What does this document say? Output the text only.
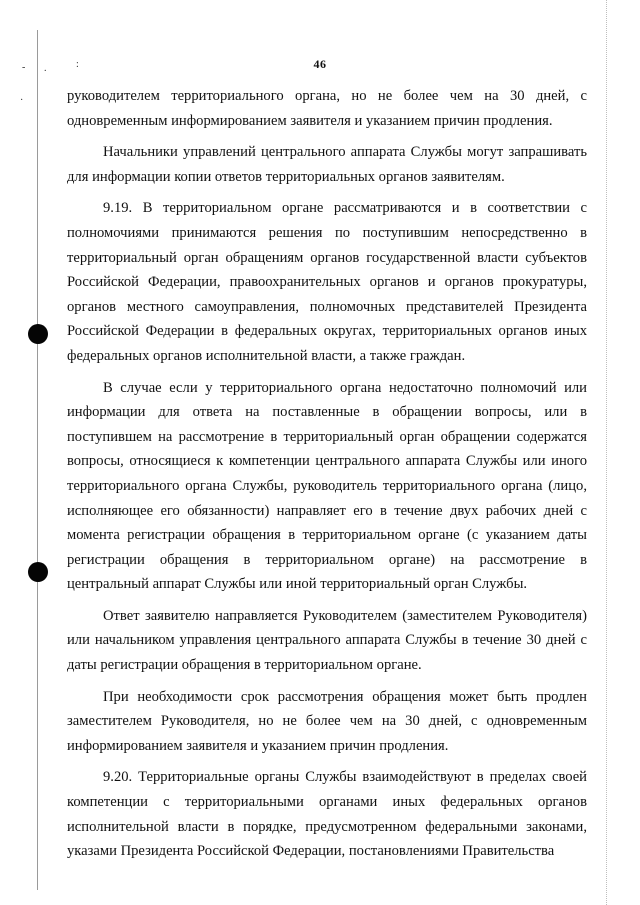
- .	:
·
46

руководителем территориального органа, но не более чем на 30 дней, с одновременным информированием заявителя и указанием причин продления.

Начальники управлений центрального аппарата Службы могут запрашивать для информации копии ответов территориальных органов заявителям.

9.19. В территориальном органе рассматриваются и в соответствии с полномочиями принимаются решения по поступившим непосредственно в территориальный орган обращениям органов государственной власти субъектов Российской Федерации, правоохранительных органов и органов прокуратуры, органов местного самоуправления, полномочных представителей Президента Российской Федерации в федеральных округах, территориальных органов иных федеральных органов исполнительной власти, а также граждан.

В случае если у территориального органа недостаточно полномочий или информации для ответа на поставленные в обращении вопросы, или в поступившем на рассмотрение в территориальный орган обращении содержатся вопросы, относящиеся к компетенции центрального аппарата Службы или иного территориального органа Службы, руководитель территориального органа (лицо, исполняющее его обязанности) направляет его в течение двух рабочих дней с момента регистрации обращения в территориальном органе (с указанием даты регистрации обращения в территориальном органе) на рассмотрение в центральный аппарат Службы или иной территориальный орган Службы.

Ответ заявителю направляется Руководителем (заместителем Руководителя) или начальником управления центрального аппарата Службы в течение 30 дней с даты регистрации обращения в территориальном органе.

При необходимости срок рассмотрения обращения может быть продлен заместителем Руководителя, но не более чем на 30 дней, с одновременным информированием заявителя и указанием причин продления.

9.20. Территориальные органы Службы взаимодействуют в пределах своей компетенции с территориальными органами иных федеральных органов исполнительной власти в порядке, предусмотренном федеральными законами, указами Президента Российской Федерации, постановлениями Правительства
